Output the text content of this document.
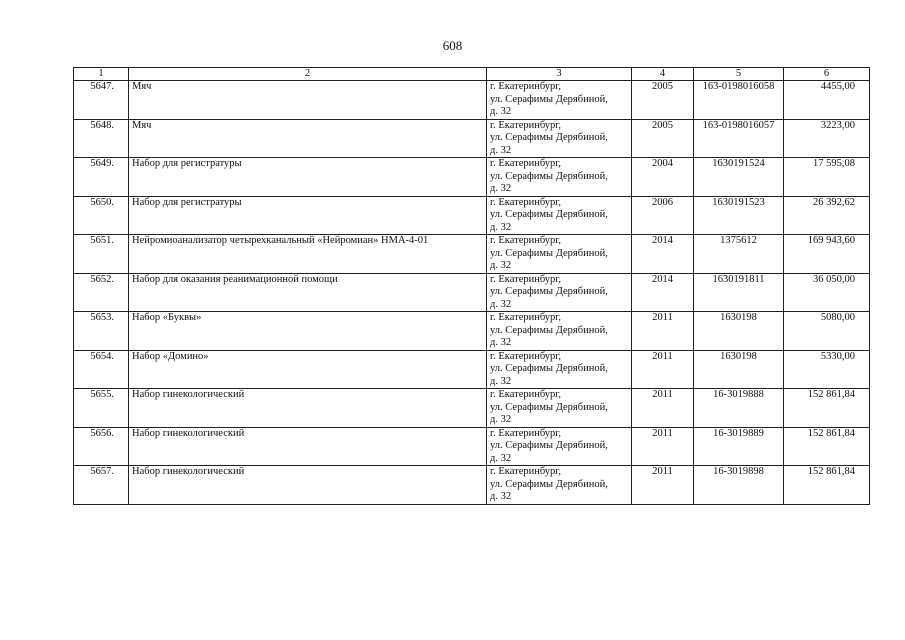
608
1	2	3	4	5	6
5647.	Мяч	г. Екатеринбург,
ул. Серафимы Дерябиной,
д. 32	2005	163-0198016058	4455,00
5648.	Мяч	г. Екатеринбург,
ул. Серафимы Дерябиной,
д. 32	2005	163-0198016057	3223,00
5649.	Набор для регистратуры	г. Екатеринбург,
ул. Серафимы Дерябиной,
д. 32	2004	1630191524	17 595,08
5650.	Набор для регистратуры	г. Екатеринбург,
ул. Серафимы Дерябиной,
д. 32	2006	1630191523	26 392,62
5651.	Нейромиоанализатор четырехканальный «Нейромиан» НМА-4-01	г. Екатеринбург,
ул. Серафимы Дерябиной,
д. 32	2014	1375612	169 943,60
5652.	Набор для оказания реанимационной помощи	г. Екатеринбург,
ул. Серафимы Дерябиной,
д. 32	2014	1630191811	36 050,00
5653.	Набор «Буквы»	г. Екатеринбург,
ул. Серафимы Дерябиной,
д. 32	2011	1630198	5080,00
5654.	Набор «Домино»	г. Екатеринбург,
ул. Серафимы Дерябиной,
д. 32	2011	1630198	5330,00
5655.	Набор гинекологический	г. Екатеринбург,
ул. Серафимы Дерябиной,
д. 32	2011	16-3019888	152 861,84
5656.	Набор гинекологический	г. Екатеринбург,
ул. Серафимы Дерябиной,
д. 32	2011	16-3019889	152 861,84
5657.	Набор гинекологический	г. Екатеринбург,
ул. Серафимы Дерябиной,
д. 32	2011	16-3019898	152 861,84
